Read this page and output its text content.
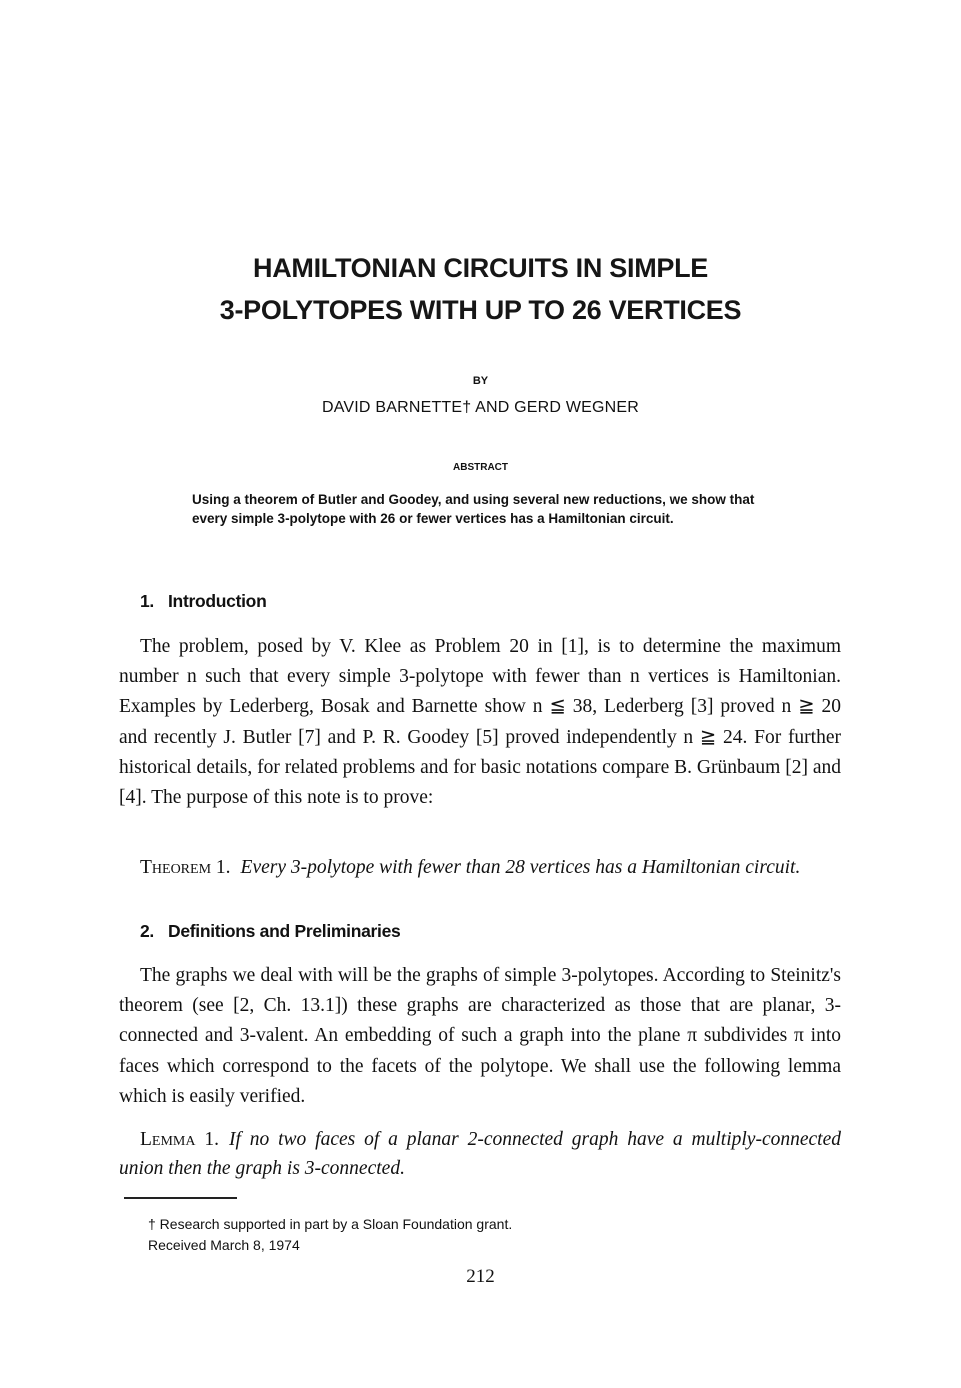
HAMILTONIAN CIRCUITS IN SIMPLE
3-POLYTOPES WITH UP TO 26 VERTICES
BY
DAVID BARNETTE† AND GERD WEGNER
ABSTRACT
Using a theorem of Butler and Goodey, and using several new reductions, we show that every simple 3-polytope with 26 or fewer vertices has a Hamiltonian circuit.
1. Introduction
The problem, posed by V. Klee as Problem 20 in [1], is to determine the maximum number n such that every simple 3-polytope with fewer than n vertices is Hamiltonian. Examples by Lederberg, Bosak and Barnette show n ≦ 38, Lederberg [3] proved n ≧ 20 and recently J. Butler [7] and P. R. Goodey [5] proved independently n ≧ 24. For further historical details, for related problems and for basic notations compare B. Grünbaum [2] and [4]. The purpose of this note is to prove:
Theorem 1. Every 3-polytope with fewer than 28 vertices has a Hamiltonian circuit.
2. Definitions and Preliminaries
The graphs we deal with will be the graphs of simple 3-polytopes. According to Steinitz's theorem (see [2, Ch. 13.1]) these graphs are characterized as those that are planar, 3-connected and 3-valent. An embedding of such a graph into the plane π subdivides π into faces which correspond to the facets of the polytope. We shall use the following lemma which is easily verified.
Lemma 1. If no two faces of a planar 2-connected graph have a multiply-connected union then the graph is 3-connected.
† Research supported in part by a Sloan Foundation grant.
Received March 8, 1974
212
